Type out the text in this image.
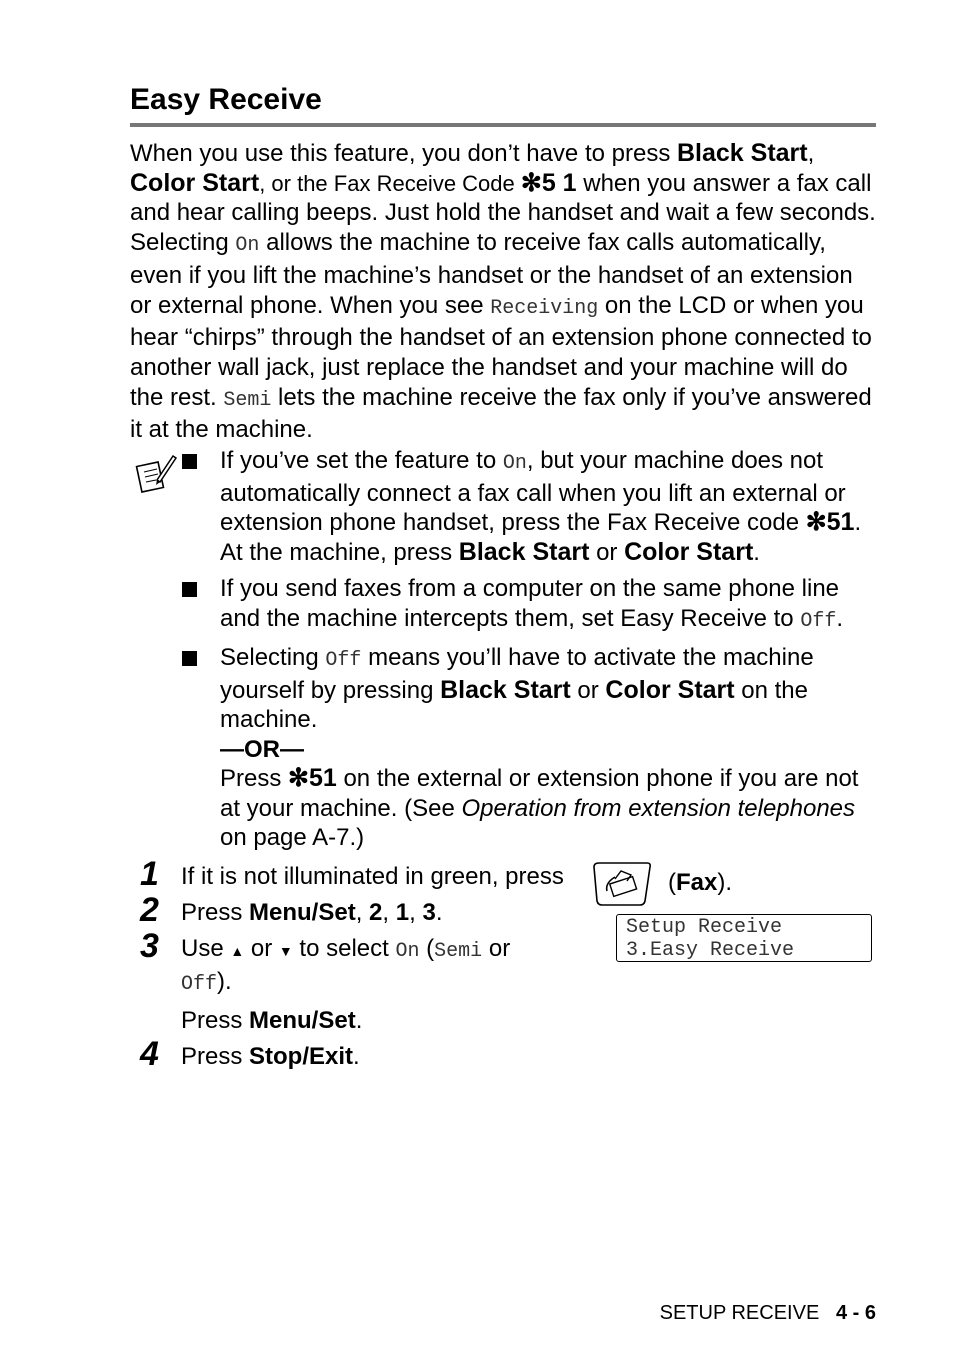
Easy Receive

When you use this feature, you don’t have to press Black Start,
Color Start, or the Fax Receive Code ✻5 1 when you answer a fax call and hear calling beeps. Just hold the handset and wait a few seconds. Selecting On allows the machine to receive fax calls automatically, even if you lift the machine’s handset or the handset of an extension or external phone. When you see Receiving on the LCD or when you hear “chirps” through the handset of an extension phone connected to another wall jack, just replace the handset and your machine will do the rest. Semi lets the machine receive the fax only if you’ve answered it at the machine.

If you’ve set the feature to On, but your machine does not automatically connect a fax call when you lift an external or extension phone handset, press the Fax Receive code ✻51. At the machine, press Black Start or Color Start.
If you send faxes from a computer on the same phone line and the machine intercepts them, set Easy Receive to Off.
Selecting Off means you’ll have to activate the machine yourself by pressing Black Start or Color Start on the machine.
—OR—
Press ✻51 on the external or extension phone if you are not at your machine. (See Operation from extension telephones on page A-7.)
1 If it is not illuminated in green, press
2 Press Menu/Set, 2, 1, 3.
3 Use ▲ or ▼ to select On (Semi or
Off).
Press Menu/Set.
4 Press Stop/Exit.
(Fax).
Setup Receive
3.Easy Receive
SETUP RECEIVE 4 - 6
